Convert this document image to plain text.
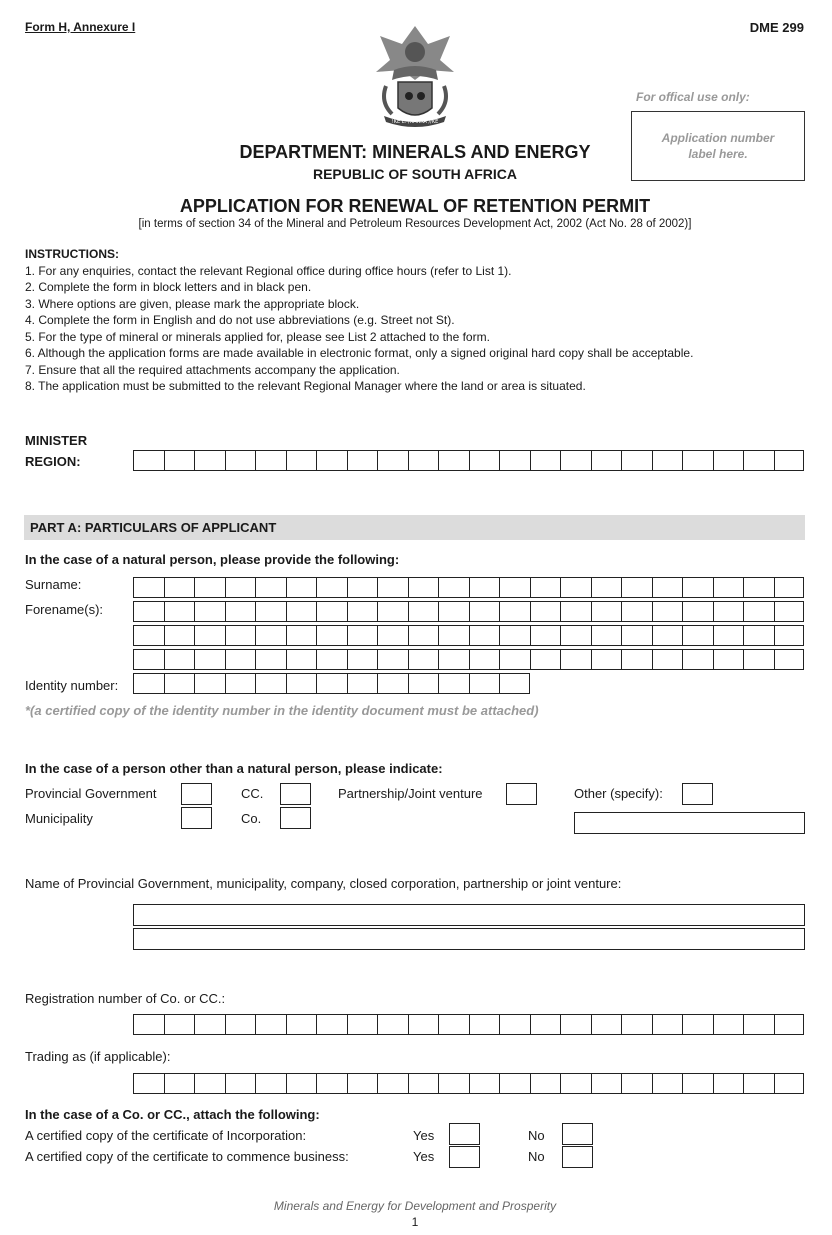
Form H, Annexure I	DME 299
!KE E: /XARRA //KE
For offical use only:
Application number
label here.
DEPARTMENT: MINERALS AND ENERGY
REPUBLIC OF SOUTH AFRICA
APPLICATION FOR RENEWAL OF RETENTION PERMIT
[in terms of section 34 of the Mineral and Petroleum Resources Development Act, 2002 (Act No. 28 of 2002)]
INSTRUCTIONS:
1. For any enquiries, contact the relevant Regional office during office hours (refer to List 1).
2. Complete the form in block letters and in black pen.
3. Where options are given, please mark the appropriate block.
4. Complete the form in English and do not use abbreviations (e.g. Street not St).
5. For the type of mineral or minerals applied for, please see List 2 attached to the form.
6. Although the application forms are made available in electronic format, only a signed original hard copy shall be acceptable.
7. Ensure that all the required attachments accompany the application.
8. The application must be submitted to the relevant Regional Manager where the land or area is situated.
MINISTER
REGION:
PART A: PARTICULARS OF APPLICANT
In the case of a natural person, please provide the following:
Surname:
Forename(s):
Identity number:
*(a certified copy of the identity number in the identity document must be attached)
In the case of a person other than a natural person, please indicate:
Provincial Government	CC.	Partnership/Joint venture	Other (specify):
Municipality	Co.
Name of Provincial Government, municipality, company, closed corporation, partnership or joint venture:
Registration number of Co. or CC.:
Trading as (if applicable):
In the case of a Co. or CC., attach the following:
A certified copy of the certificate of Incorporation:	Yes	No
A certified copy of the certificate to commence business:	Yes	No
Minerals and Energy for Development and Prosperity
1
